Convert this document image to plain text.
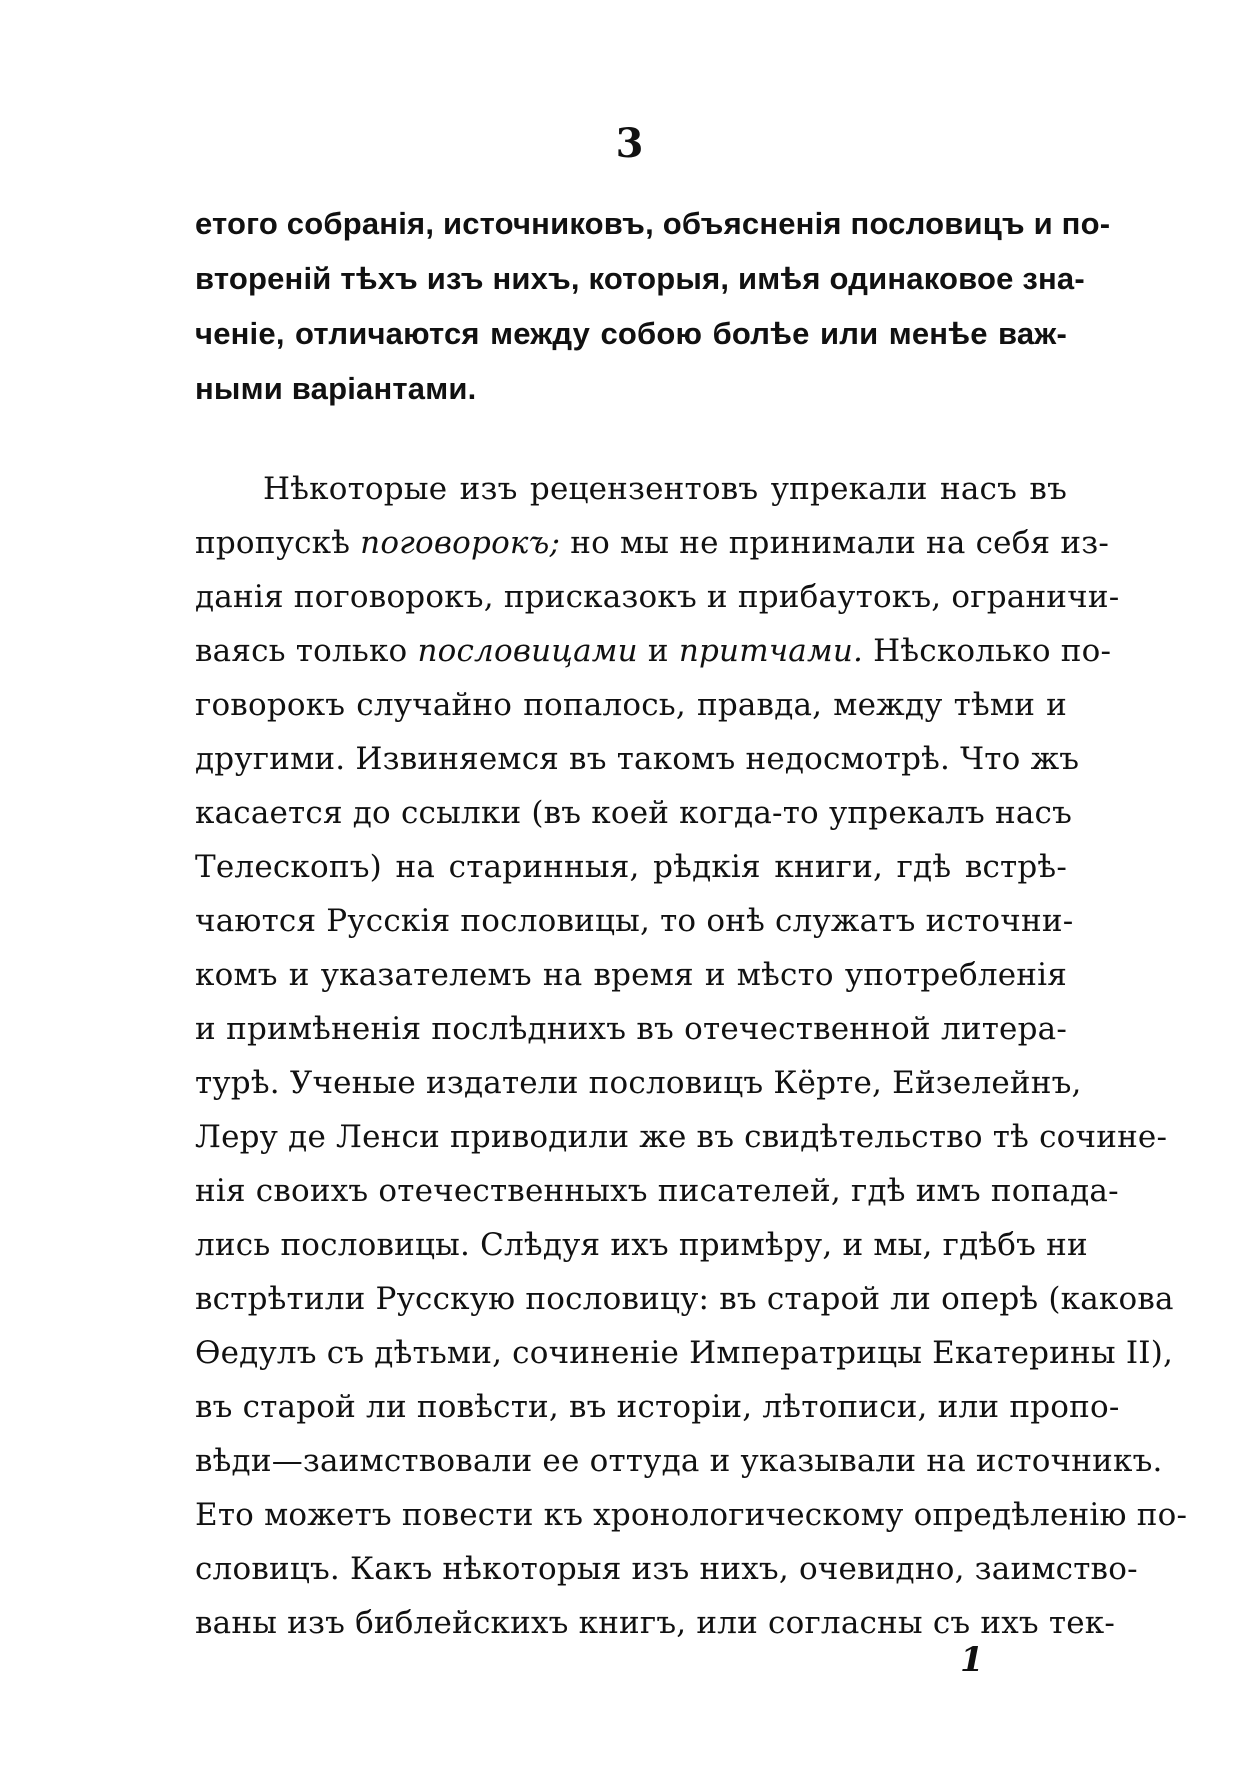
3
етого собранія, источниковъ, объясненія пословицъ и по-
втореній тѣхъ изъ нихъ, которыя, имѣя одинаковое зна-
ченіе, отличаются между собою болѣе или менѣе важ-
ными варіантами.
Нѣкоторые изъ рецензентовъ упрекали насъ въ
пропускѣ поговорокъ; но мы не принимали на себя из-
данія поговорокъ, присказокъ и прибаутокъ, ограничи-
ваясь только пословицами и притчами. Нѣсколько по-
говорокъ случайно попалось, правда, между тѣми и
другими. Извиняемся въ такомъ недосмотрѣ. Что жъ
касается до ссылки (въ коей когда-то упрекалъ насъ
Телескопъ) на старинныя, рѣдкія книги, гдѣ встрѣ-
чаются Русскія пословицы, то онѣ служатъ источни-
комъ и указателемъ на время и мѣсто употребленія
и примѣненія послѣднихъ въ отечественной литера-
турѣ. Ученые издатели пословицъ Кёрте, Ейзелейнъ,
Леру де Ленси приводили же въ свидѣтельство тѣ сочине-
нія своихъ отечественныхъ писателей, гдѣ имъ попада-
лись пословицы. Слѣдуя ихъ примѣру, и мы, гдѣбъ ни
встрѣтили Русскую пословицу: въ старой ли оперѣ (какова
Ѳедулъ съ дѣтьми, сочиненіе Императрицы Екатерины II),
въ старой ли повѣсти, въ исторіи, лѣтописи, или пропо-
вѣди—заимствовали ее оттуда и указывали на источникъ.
Ето можетъ повести къ хронологическому опредѣленію по-
словицъ. Какъ нѣкоторыя изъ нихъ, очевидно, заимство-
ваны изъ библейскихъ книгъ, или согласны съ ихъ тек-
1
